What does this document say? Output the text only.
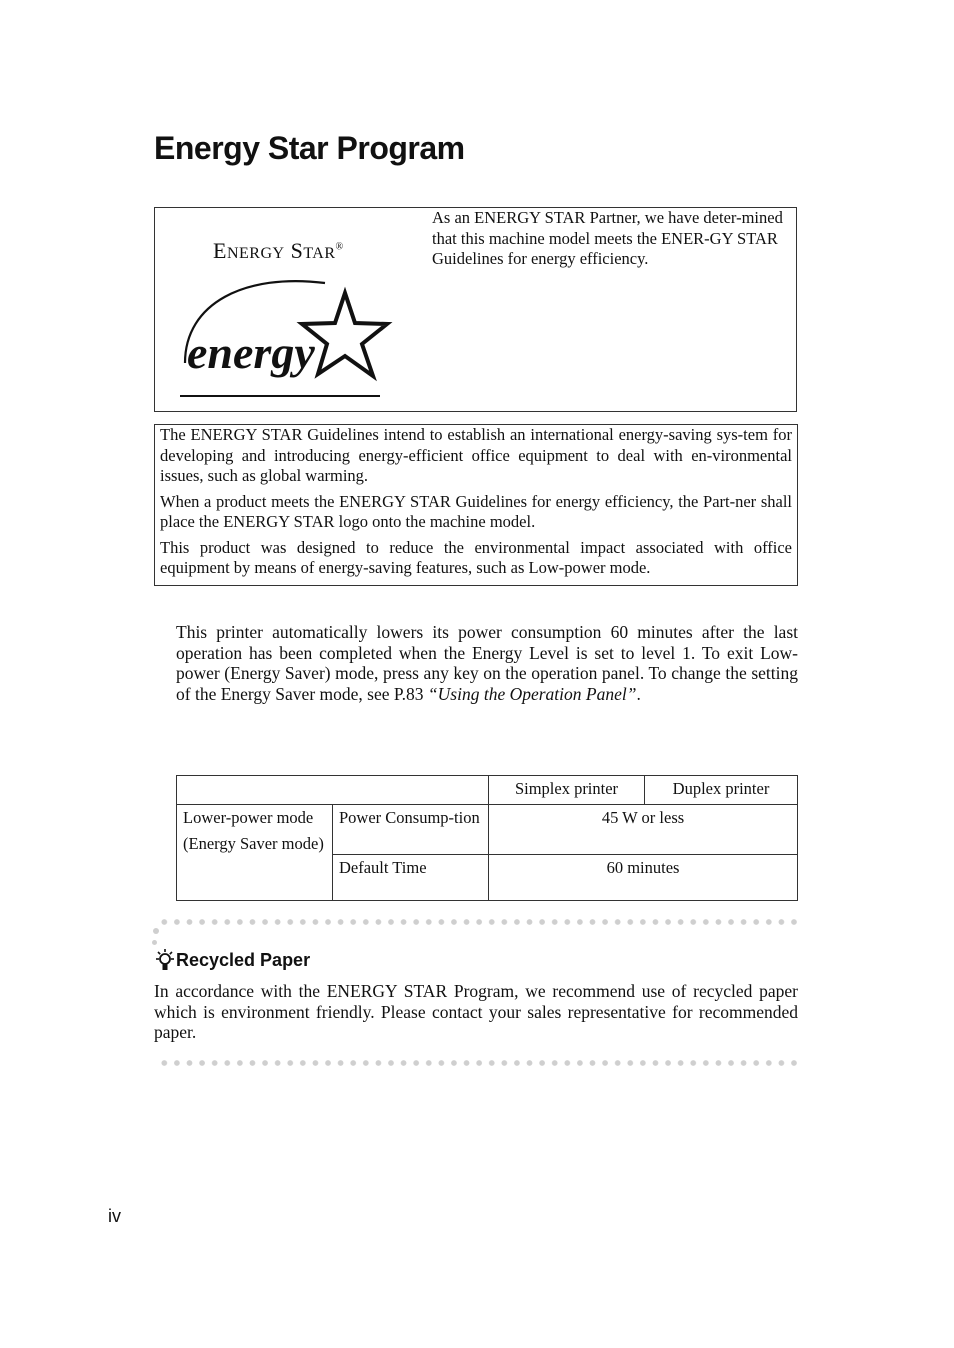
Energy Star Program
ENERGY STAR®
energy
As an ENERGY STAR Partner, we have deter-mined that this machine model meets the ENER-GY STAR Guidelines for energy efficiency.

The ENERGY STAR Guidelines intend to establish an international energy-saving sys-tem for developing and introducing energy-efficient office equipment to deal with en-vironmental issues, such as global warming.

When a product meets the ENERGY STAR Guidelines for energy efficiency, the Part-ner shall place the ENERGY STAR logo onto the machine model.

This product was designed to reduce the environmental impact associated with office equipment by means of energy-saving features, such as Low-power mode.

This printer automatically lowers its power consumption 60 minutes after the last operation has been completed when the Energy Level is set to level 1. To exit Low-power (Energy Saver) mode, press any key on the operation panel. To change the setting of the Energy Saver mode, see P.83 “Using the Operation Panel”.

		Simplex printer	Duplex printer

Lower-power mode

(Energy Saver mode)	Power Consump-tion	45 W or less	
	Default Time	60 minutes	
Recycled Paper

In accordance with the ENERGY STAR Program, we recommend use of recycled paper which is environment friendly. Please contact your sales representative for recommended paper.

iv
